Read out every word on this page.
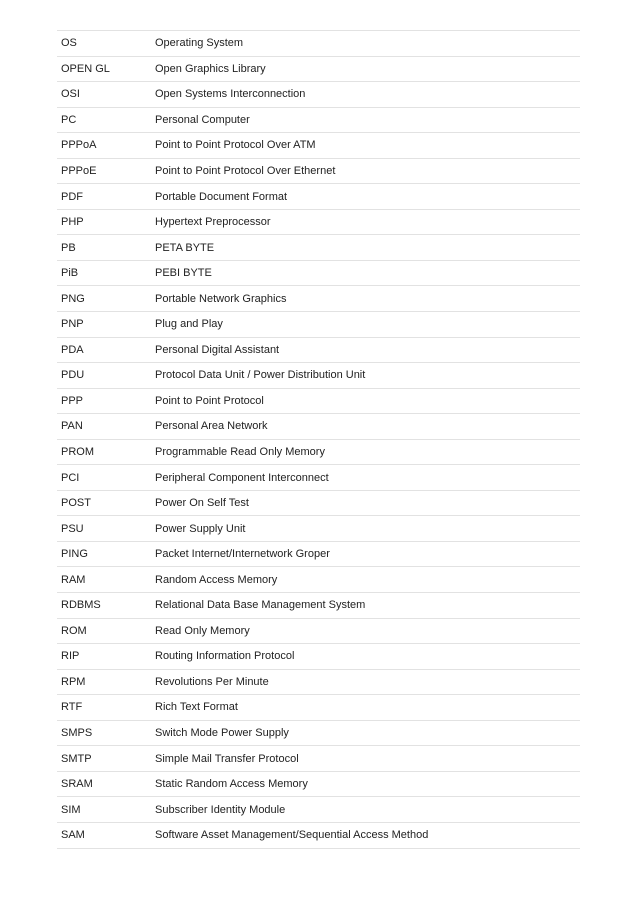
OS	Operating System
OPEN GL	Open Graphics Library
OSI	Open Systems Interconnection
PC	Personal Computer
PPPoA	Point to Point Protocol Over ATM
PPPoE	Point to Point Protocol Over Ethernet
PDF	Portable Document Format
PHP	Hypertext Preprocessor
PB	PETA BYTE
PiB	PEBI BYTE
PNG	Portable Network Graphics
PNP	Plug and Play
PDA	Personal Digital Assistant
PDU	Protocol Data Unit / Power Distribution Unit
PPP	Point to Point Protocol
PAN	Personal Area Network
PROM	Programmable Read Only Memory
PCI	Peripheral Component Interconnect
POST	Power On Self Test
PSU	Power Supply Unit
PING	Packet Internet/Internetwork Groper
RAM	Random Access Memory
RDBMS	Relational Data Base Management System
ROM	Read Only Memory
RIP	Routing Information Protocol
RPM	Revolutions Per Minute
RTF	Rich Text Format
SMPS	Switch Mode Power Supply
SMTP	Simple Mail Transfer Protocol
SRAM	Static Random Access Memory
SIM	Subscriber Identity Module
SAM	Software Asset Management/Sequential Access Method
